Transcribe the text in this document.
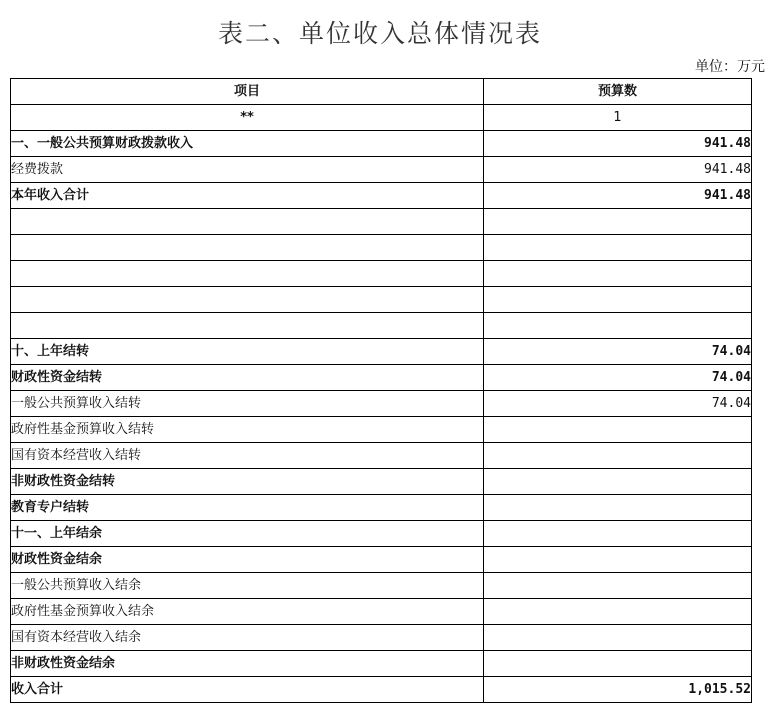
表二、单位收入总体情况表
单位：万元
项目	预算数
**	1
一、一般公共预算财政拨款收入	941.48
经费拨款	941.48
本年收入合计	941.48

十、上年结转	74.04
财政性资金结转	74.04
一般公共预算收入结转	74.04
政府性基金预算收入结转	
国有资本经营收入结转	
非财政性资金结转	
教育专户结转	
十一、上年结余	
财政性资金结余	
一般公共预算收入结余	
政府性基金预算收入结余	
国有资本经营收入结余	
非财政性资金结余	
收入合计	1,015.52
